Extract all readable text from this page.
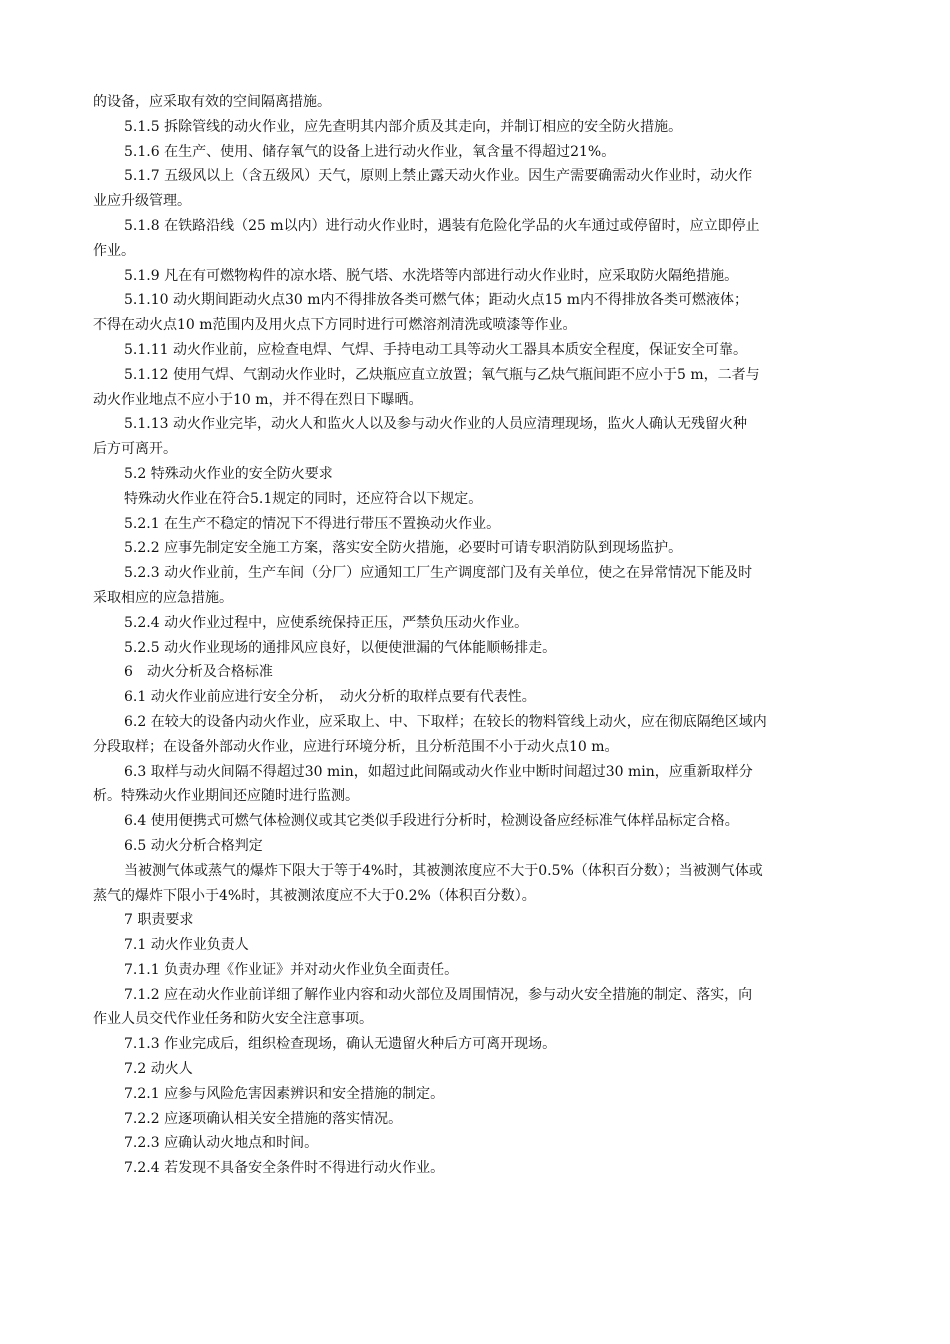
的设备，应采取有效的空间隔离措施。
5.1.5 拆除管线的动火作业，应先查明其内部介质及其走向，并制订相应的安全防火措施。
5.1.6 在生产、使用、储存氧气的设备上进行动火作业，氧含量不得超过21%。
5.1.7 五级风以上（含五级风）天气，原则上禁止露天动火作业。因生产需要确需动火作业时，动火作
业应升级管理。
5.1.8 在铁路沿线（25 m以内）进行动火作业时，遇装有危险化学品的火车通过或停留时，应立即停止
作业。
5.1.9 凡在有可燃物构件的凉水塔、脱气塔、水洗塔等内部进行动火作业时，应采取防火隔绝措施。
5.1.10 动火期间距动火点30 m内不得排放各类可燃气体；距动火点15 m内不得排放各类可燃液体；
不得在动火点10 m范围内及用火点下方同时进行可燃溶剂清洗或喷漆等作业。
5.1.11 动火作业前，应检查电焊、气焊、手持电动工具等动火工器具本质安全程度，保证安全可靠。
5.1.12 使用气焊、气割动火作业时，乙炔瓶应直立放置；氧气瓶与乙炔气瓶间距不应小于5 m，二者与
动火作业地点不应小于10 m，并不得在烈日下曝晒。
5.1.13 动火作业完毕，动火人和监火人以及参与动火作业的人员应清理现场，监火人确认无残留火种
后方可离开。
5.2 特殊动火作业的安全防火要求
特殊动火作业在符合5.1规定的同时，还应符合以下规定。
5.2.1 在生产不稳定的情况下不得进行带压不置换动火作业。
5.2.2 应事先制定安全施工方案，落实安全防火措施，必要时可请专职消防队到现场监护。
5.2.3 动火作业前，生产车间（分厂）应通知工厂生产调度部门及有关单位，使之在异常情况下能及时
采取相应的应急措施。
5.2.4 动火作业过程中，应使系统保持正压，严禁负压动火作业。
5.2.5 动火作业现场的通排风应良好，以便使泄漏的气体能顺畅排走。
6　动火分析及合格标准
6.1 动火作业前应进行安全分析，　动火分析的取样点要有代表性。
6.2 在较大的设备内动火作业，应采取上、中、下取样；在较长的物料管线上动火，应在彻底隔绝区域内
分段取样；在设备外部动火作业，应进行环境分析，且分析范围不小于动火点10 m。
6.3 取样与动火间隔不得超过30 min，如超过此间隔或动火作业中断时间超过30 min，应重新取样分
析。特殊动火作业期间还应随时进行监测。
6.4 使用便携式可燃气体检测仪或其它类似手段进行分析时，检测设备应经标准气体样品标定合格。
6.5 动火分析合格判定
当被测气体或蒸气的爆炸下限大于等于4%时，其被测浓度应不大于0.5%（体积百分数）；当被测气体或
蒸气的爆炸下限小于4%时，其被测浓度应不大于0.2%（体积百分数）。
7 职责要求
7.1 动火作业负责人
7.1.1 负责办理《作业证》并对动火作业负全面责任。
7.1.2 应在动火作业前详细了解作业内容和动火部位及周围情况，参与动火安全措施的制定、落实，向
作业人员交代作业任务和防火安全注意事项。
7.1.3 作业完成后，组织检查现场，确认无遗留火种后方可离开现场。
7.2 动火人
7.2.1 应参与风险危害因素辨识和安全措施的制定。
7.2.2 应逐项确认相关安全措施的落实情况。
7.2.3 应确认动火地点和时间。
7.2.4 若发现不具备安全条件时不得进行动火作业。
